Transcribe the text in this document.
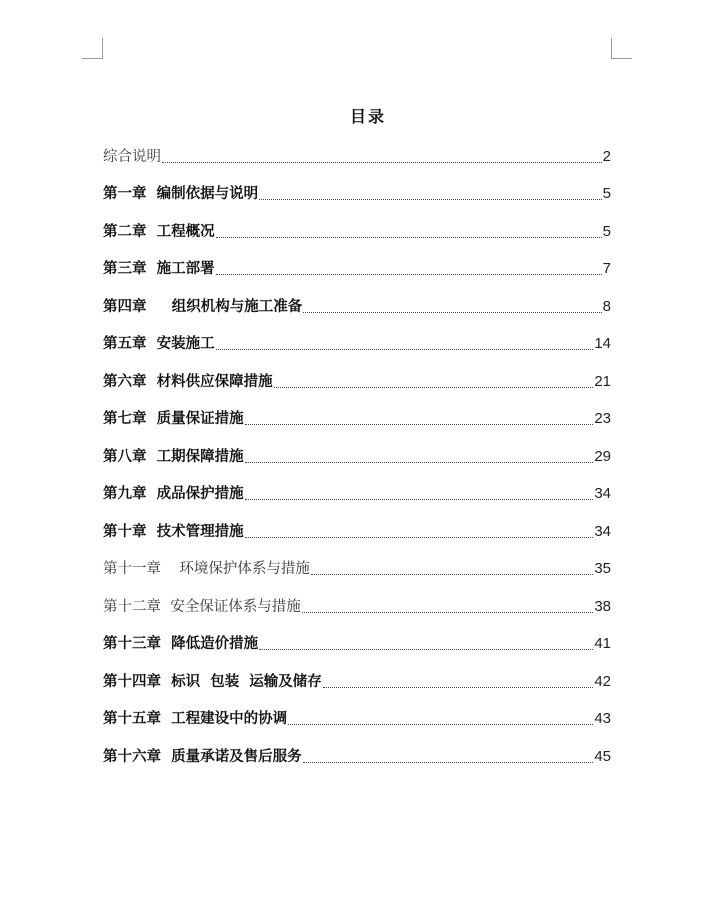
目录
综合说明	2
第一章  编制依据与说明	5
第二章  工程概况	5
第三章  施工部署	7
第四章     组织机构与施工准备	8
第五章  安装施工	14
第六章  材料供应保障措施	21
第七章  质量保证措施	23
第八章  工期保障措施	29
第九章  成品保护措施	34
第十章  技术管理措施	34
第十一章    环境保护体系与措施	35
第十二章  安全保证体系与措施	38
第十三章  降低造价措施	41
第十四章  标识  包装  运输及储存	42
第十五章  工程建设中的协调	43
第十六章  质量承诺及售后服务	45
